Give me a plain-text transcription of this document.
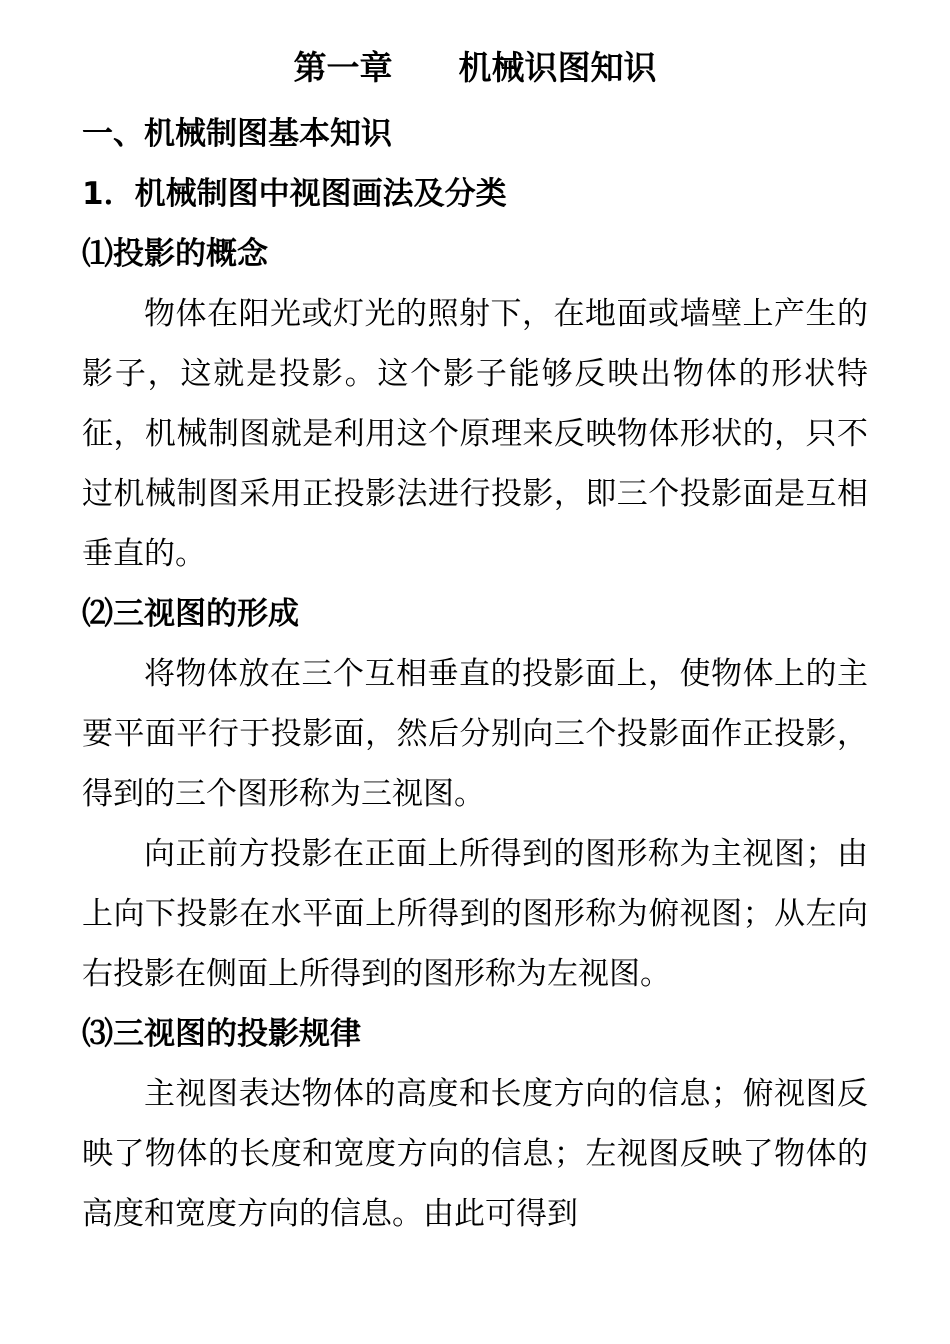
第一章　　机械识图知识
一、机械制图基本知识
1．机械制图中视图画法及分类
⑴投影的概念

物体在阳光或灯光的照射下，在地面或墙壁上产生的影子，这就是投影。这个影子能够反映出物体的形状特征，机械制图就是利用这个原理来反映物体形状的，只不过机械制图采用正投影法进行投影，即三个投影面是互相垂直的。

⑵三视图的形成

将物体放在三个互相垂直的投影面上，使物体上的主要平面平行于投影面，然后分别向三个投影面作正投影，得到的三个图形称为三视图。

向正前方投影在正面上所得到的图形称为主视图；由上向下投影在水平面上所得到的图形称为俯视图；从左向右投影在侧面上所得到的图形称为左视图。

⑶三视图的投影规律

主视图表达物体的高度和长度方向的信息；俯视图反映了物体的长度和宽度方向的信息；左视图反映了物体的高度和宽度方向的信息。由此可得到
